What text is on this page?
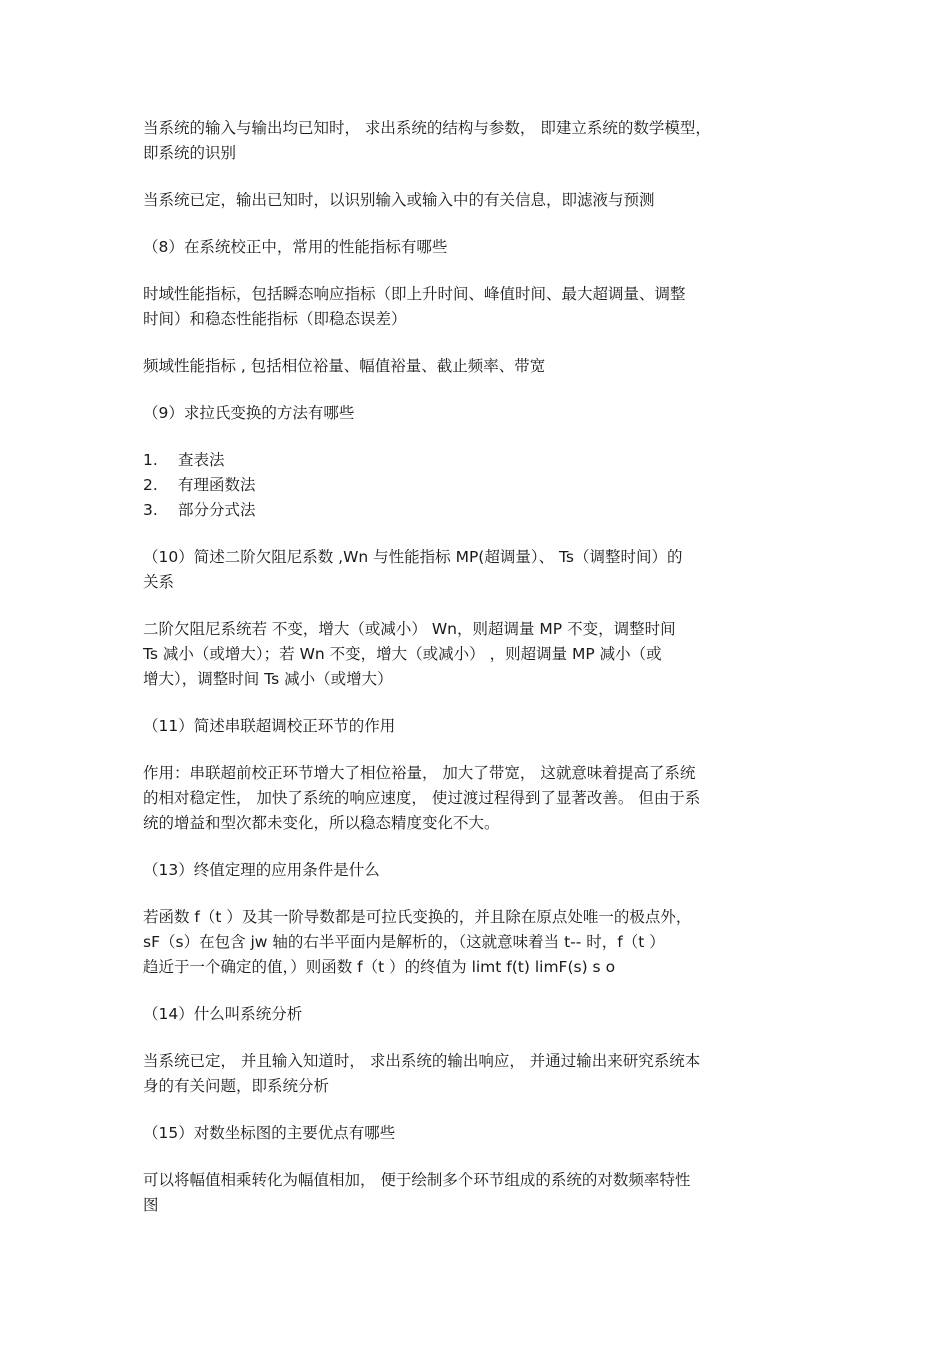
当系统的输入与输出均已知时， 求出系统的结构与参数， 即建立系统的数学模型，
即系统的识别

当系统已定，输出已知时，以识别输入或输入中的有关信息，即滤液与预测

（8）在系统校正中，常用的性能指标有哪些

时域性能指标，包括瞬态响应指标（即上升时间、峰值时间、最大超调量、调整
时间）和稳态性能指标（即稳态误差）

频域性能指标 , 包括相位裕量、幅值裕量、截止频率、带宽

（9）求拉氏变换的方法有哪些

1.	查表法
2.	有理函数法
3.	部分分式法

（10）简述二阶欠阻尼系数 ,Wn 与性能指标 MP(超调量）、 Ts（调整时间）的
关系

二阶欠阻尼系统若 不变，增大（或减小） Wn，则超调量 MP 不变，调整时间
Ts 减小（或增大）；若 Wn 不变，增大（或减小） ，则超调量 MP 减小（或
增大），调整时间 Ts 减小（或增大）

（11）简述串联超调校正环节的作用

作用：串联超前校正环节增大了相位裕量， 加大了带宽， 这就意味着提高了系统
的相对稳定性， 加快了系统的响应速度， 使过渡过程得到了显著改善。 但由于系
统的增益和型次都未变化，所以稳态精度变化不大。

（13）终值定理的应用条件是什么

若函数 f（t ）及其一阶导数都是可拉氏变换的，并且除在原点处唯一的极点外，
sF（s）在包含 jw 轴的右半平面内是解析的，（这就意味着当 t-- 时，f（t ）
趋近于一个确定的值，）则函数 f（t ）的终值为 limt f(t) limF(s) s o

（14）什么叫系统分析

当系统已定， 并且输入知道时， 求出系统的输出响应， 并通过输出来研究系统本
身的有关问题，即系统分析

（15）对数坐标图的主要优点有哪些

可以将幅值相乘转化为幅值相加， 便于绘制多个环节组成的系统的对数频率特性
图
